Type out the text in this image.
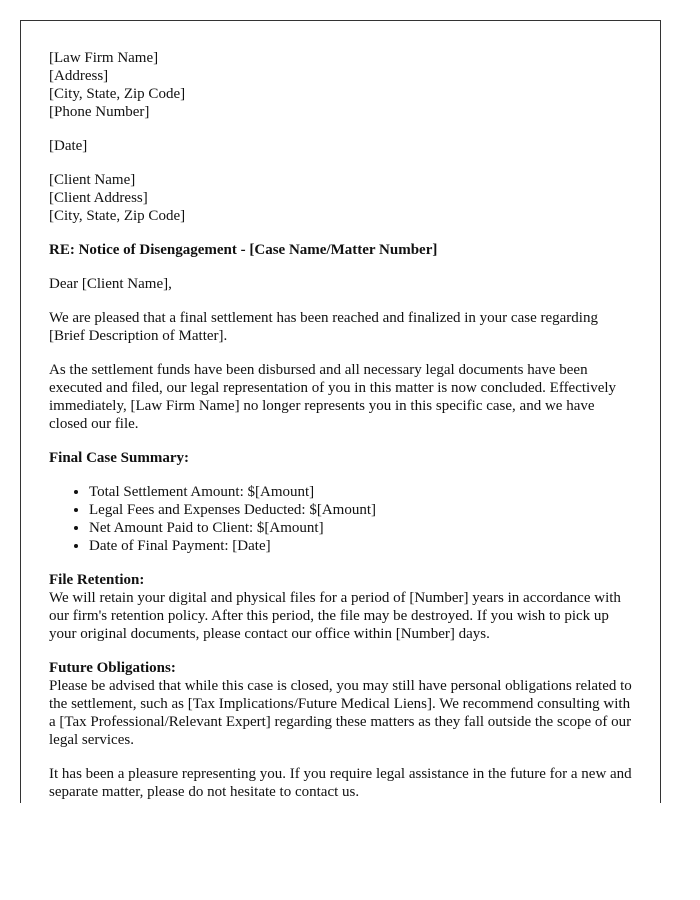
[Law Firm Name]
[Address]
[City, State, Zip Code]
[Phone Number]

[Date]

[Client Name]
[Client Address]
[City, State, Zip Code]

RE: Notice of Disengagement - [Case Name/Matter Number]

Dear [Client Name],

We are pleased that a final settlement has been reached and finalized in your case regarding [Brief Description of Matter].

As the settlement funds have been disbursed and all necessary legal documents have been executed and filed, our legal representation of you in this matter is now concluded. Effectively immediately, [Law Firm Name] no longer represents you in this specific case, and we have closed our file.

Final Case Summary:

• Total Settlement Amount: $[Amount]
• Legal Fees and Expenses Deducted: $[Amount]
• Net Amount Paid to Client: $[Amount]
• Date of Final Payment: [Date]

File Retention:
We will retain your digital and physical files for a period of [Number] years in accordance with our firm's retention policy. After this period, the file may be destroyed. If you wish to pick up your original documents, please contact our office within [Number] days.

Future Obligations:
Please be advised that while this case is closed, you may still have personal obligations related to the settlement, such as [Tax Implications/Future Medical Liens]. We recommend consulting with a [Tax Professional/Relevant Expert] regarding these matters as they fall outside the scope of our legal services.

It has been a pleasure representing you. If you require legal assistance in the future for a new and separate matter, please do not hesitate to contact us.
